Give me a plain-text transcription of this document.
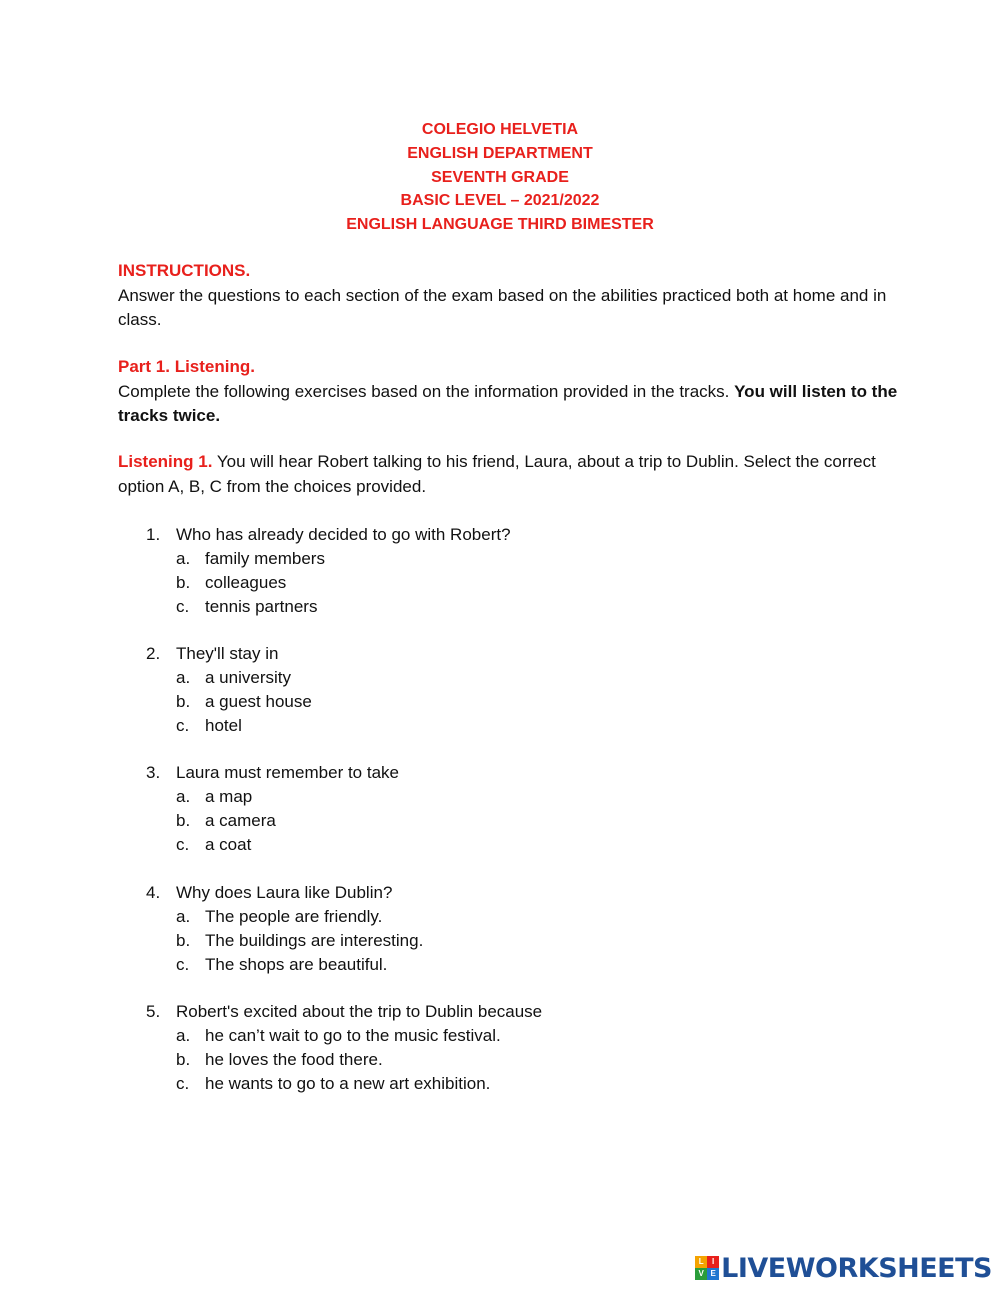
COLEGIO HELVETIA
ENGLISH DEPARTMENT
SEVENTH GRADE
BASIC LEVEL – 2021/2022
ENGLISH LANGUAGE THIRD BIMESTER
INSTRUCTIONS.
Answer the questions to each section of the exam based on the abilities practiced both at home and in class.
Part 1. Listening.
Complete the following exercises based on the information provided in the tracks. You will listen to the tracks twice.
Listening 1. You will hear Robert talking to his friend, Laura, about a trip to Dublin. Select the correct option A, B, C from the choices provided.
1. Who has already decided to go with Robert?
a. family members
b. colleagues
c. tennis partners
2. They'll stay in
a. a university
b. a guest house
c. hotel
3. Laura must remember to take
a. a map
b. a camera
c. a coat
4. Why does Laura like Dublin?
a. The people are friendly.
b. The buildings are interesting.
c. The shops are beautiful.
5. Robert's excited about the trip to Dublin because
a. he can’t wait to go to the music festival.
b. he loves the food there.
c. he wants to go to a new art exhibition.
L	I
V E LIVEWORKSHEETS
